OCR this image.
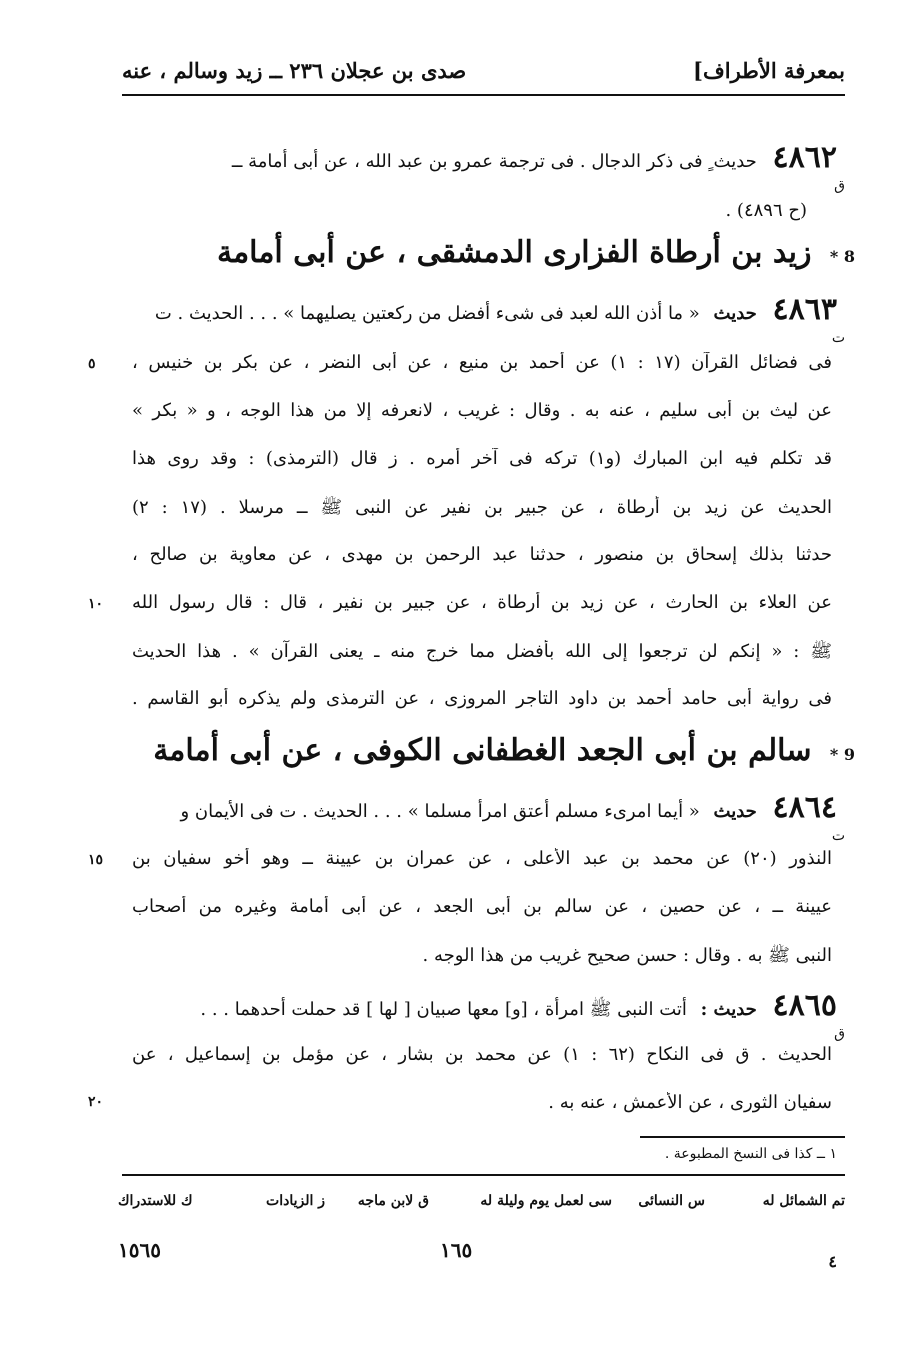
بمعرفة الأطراف]
صدى بن عجلان ٢٣٦ ــ زيد وسالم ، عنه
٤٨٦٢ حديث ٍ فى ذكر الدجال . فى ترجمة عمرو بن عبد الله ، عن أبى أمامة ــ
ق
(ح ٤٨٩٦) .
8 * زيد بن أرطاة الفزارى الدمشقى ، عن أبى أمامة
٤٨٦٣ حديث « ما أذن الله لعبد فى شىء أفضل من ركعتين يصليهما » . . . الحديث . ت
ت
فى فضائل القرآن (١٧ : ١) عن أحمد بن منيع ، عن أبى النضر ، عن بكر بن خنيس ،
عن ليث بن أبى سليم ، عنه به . وقال : غريب ، لانعرفه إلا من هذا الوجه ، و « بكر »
قد تكلم فيه ابن المبارك (و١) تركه فى آخر أمره . ز قال (الترمذى) : وقد روى هذا
الحديث عن زيد بن أرطاة ، عن جبير بن نفير عن النبى ﷺ ــ مرسلا . (١٧ : ٢)
حدثنا بذلك إسحاق بن منصور ، حدثنا عبد الرحمن بن مهدى ، عن معاوية بن صالح ،
عن العلاء بن الحارث ، عن زيد بن أرطاة ، عن جبير بن نفير ، قال : قال رسول الله
ﷺ : « إنكم لن ترجعوا إلى الله بأفضل مما خرج منه ـ يعنى القرآن » . هذا الحديث
فى رواية أبى حامد أحمد بن داود التاجر المروزى ، عن الترمذى ولم يذكره أبو القاسم .
9 * سالم بن أبى الجعد الغطفانى الكوفى ، عن أبى أمامة
٤٨٦٤ حديث « أيما امرىء مسلم أعتق امرأ مسلما » . . . الحديث . ت فى الأيمان و
ت
النذور (٢٠) عن محمد بن عبد الأعلى ، عن عمران بن عيينة ــ وهو أخو سفيان بن
عيينة ــ ، عن حصين ، عن سالم بن أبى الجعد ، عن أبى أمامة وغيره من أصحاب
النبى ﷺ به . وقال : حسن صحيح غريب من هذا الوجه .
٤٨٦٥ حديث : أتت النبى ﷺ امرأة ، [و] معها صبيان [ لها ] قد حملت أحدهما . . .
ق
الحديث . ق فى النكاح (٦٢ : ١) عن محمد بن بشار ، عن مؤمل بن إسماعيل ، عن
سفيان الثورى ، عن الأعمش ، عنه به .
٥
١٠
١٥
٢٠
١ ــ كذا فى النسخ المطبوعة .
تم الشمائل له
س النسائى
سى لعمل يوم وليلة له
ق لابن ماجه
ز الزيادات
ك للاستدراك
١٦٥
١٥٦٥	٤
